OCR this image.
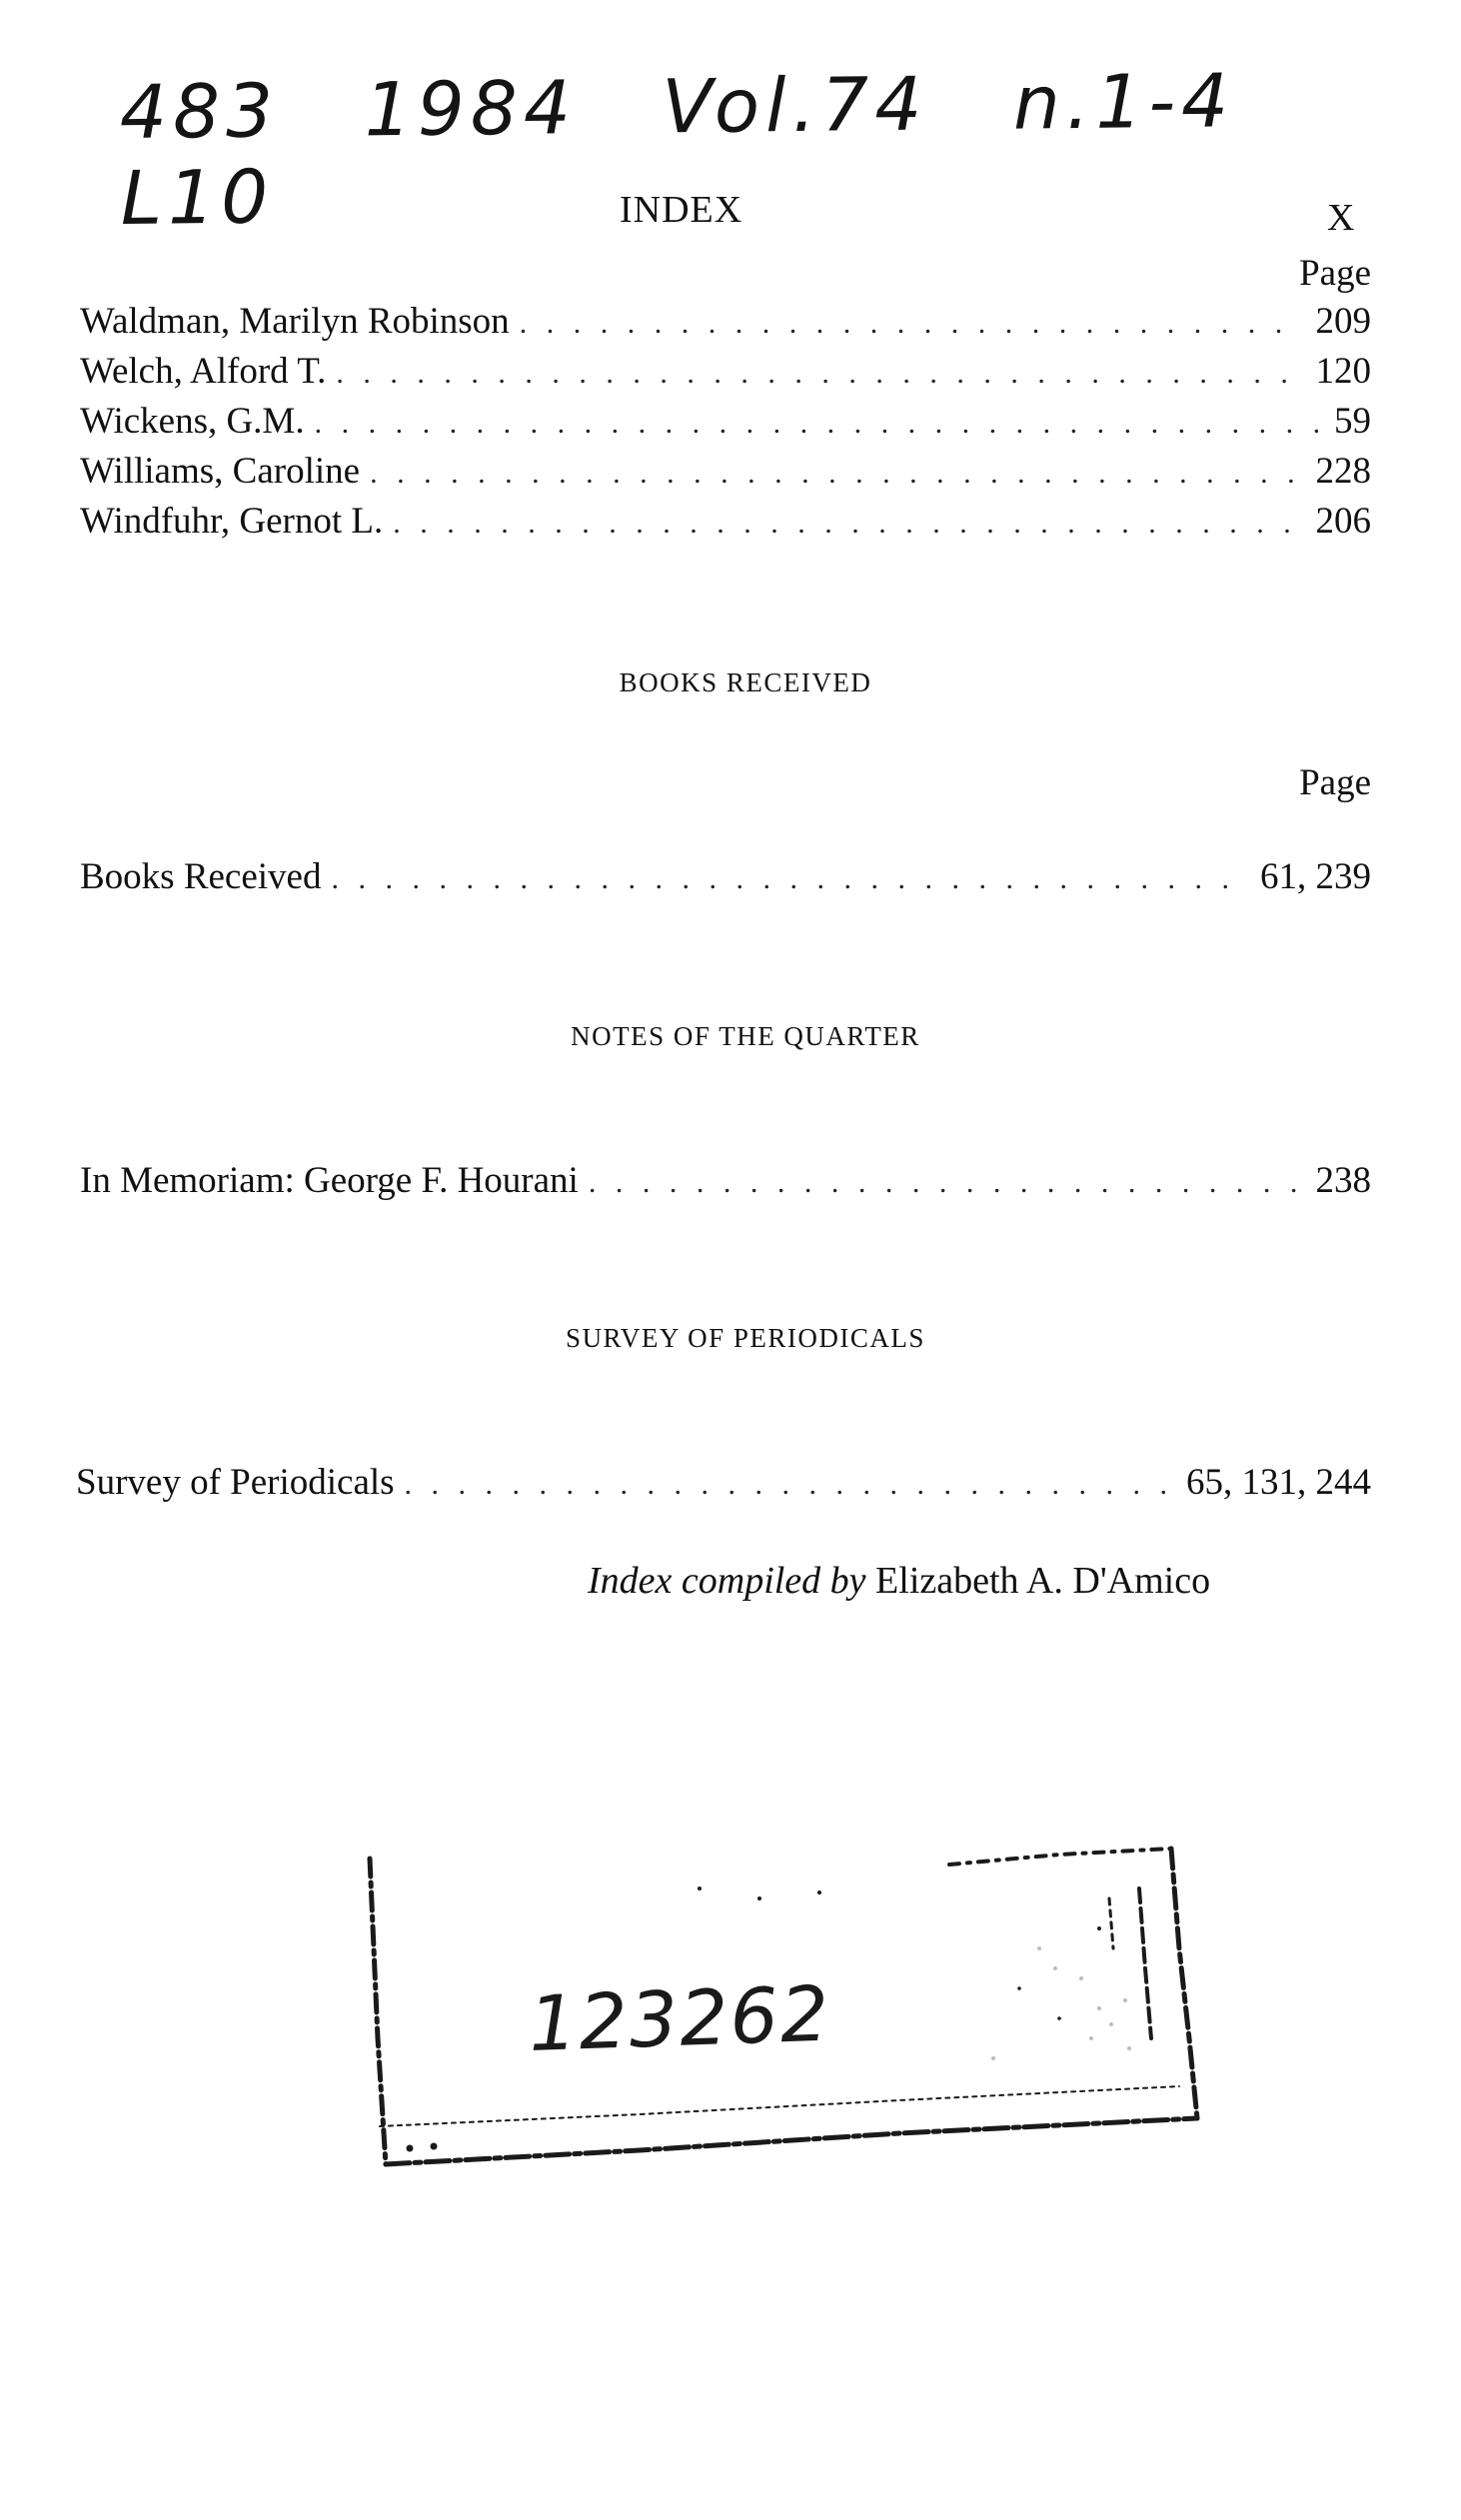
483 1984 Vol.74 n.1-4 L10	INDEX	X
Page
Waldman, Marilyn Robinson . . .	209
Welch, Alford T. . . .	120
Wickens, G.M. . . .	59
Williams, Caroline . . .	228
Windfuhr, Gernot L. . . .	206
BOOKS RECEIVED
Page
Books Received . . .	61, 239
NOTES OF THE QUARTER
In Memoriam: George F. Hourani . . .	238
SURVEY OF PERIODICALS
Survey of Periodicals . . .	65, 131, 244
Index compiled by Elizabeth A. D'Amico
123262
